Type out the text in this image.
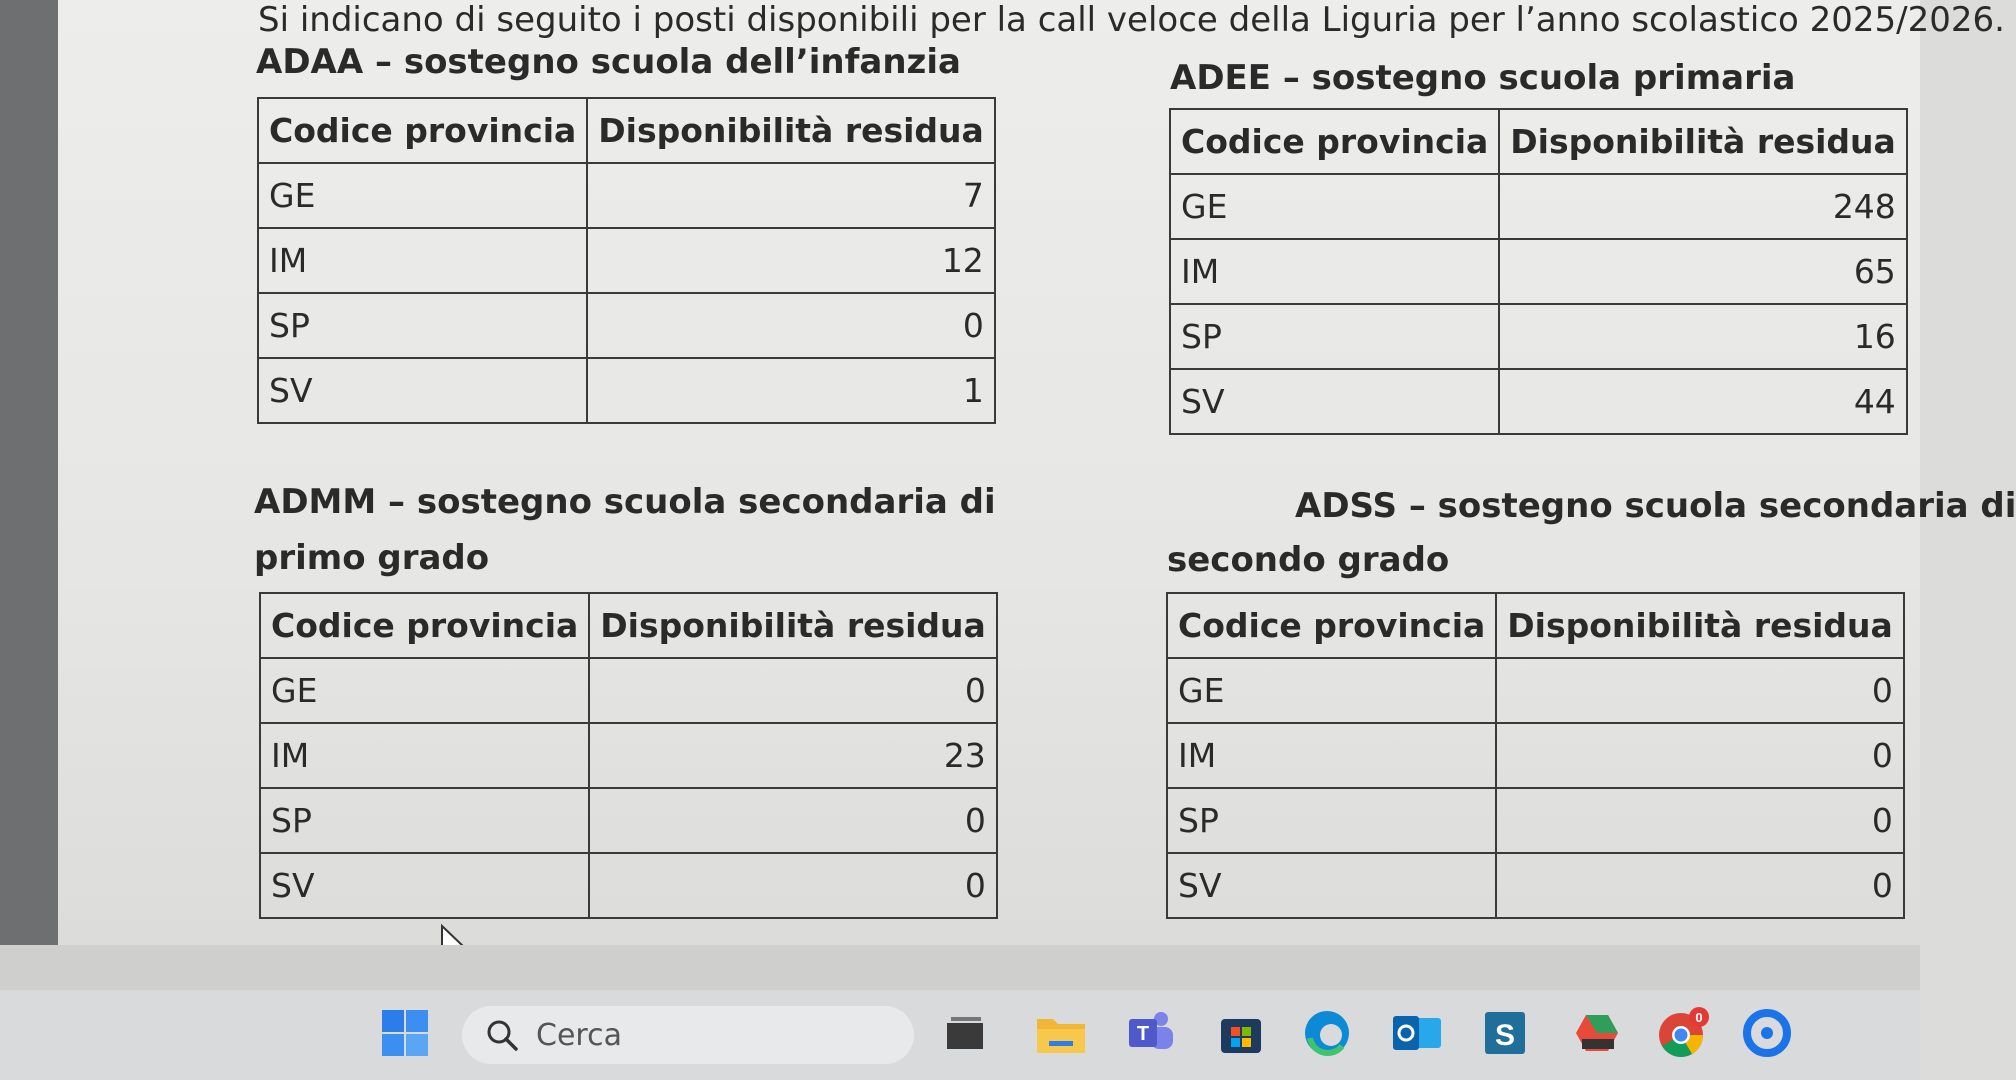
Si indicano di seguito i posti disponibili per la call veloce della Liguria per l’anno scolastico 2025/2026.
ADAA – sostegno scuola dell’infanzia
Codice provincia	Disponibilità residua
GE	7
IM	12
SP	0
SV	1
ADEE – sostegno scuola primaria
Codice provincia	Disponibilità residua
GE	248
IM	65
SP	16
SV	44
ADMM – sostegno scuola secondaria di
primo grado
Codice provincia	Disponibilità residua
GE	0
IM	23
SP	0
SV	0
ADSS – sostegno scuola secondaria di
secondo grado
Codice provincia	Disponibilità residua
GE	0
IM	0
SP	0
SV	0
Cerca	T	S
0
